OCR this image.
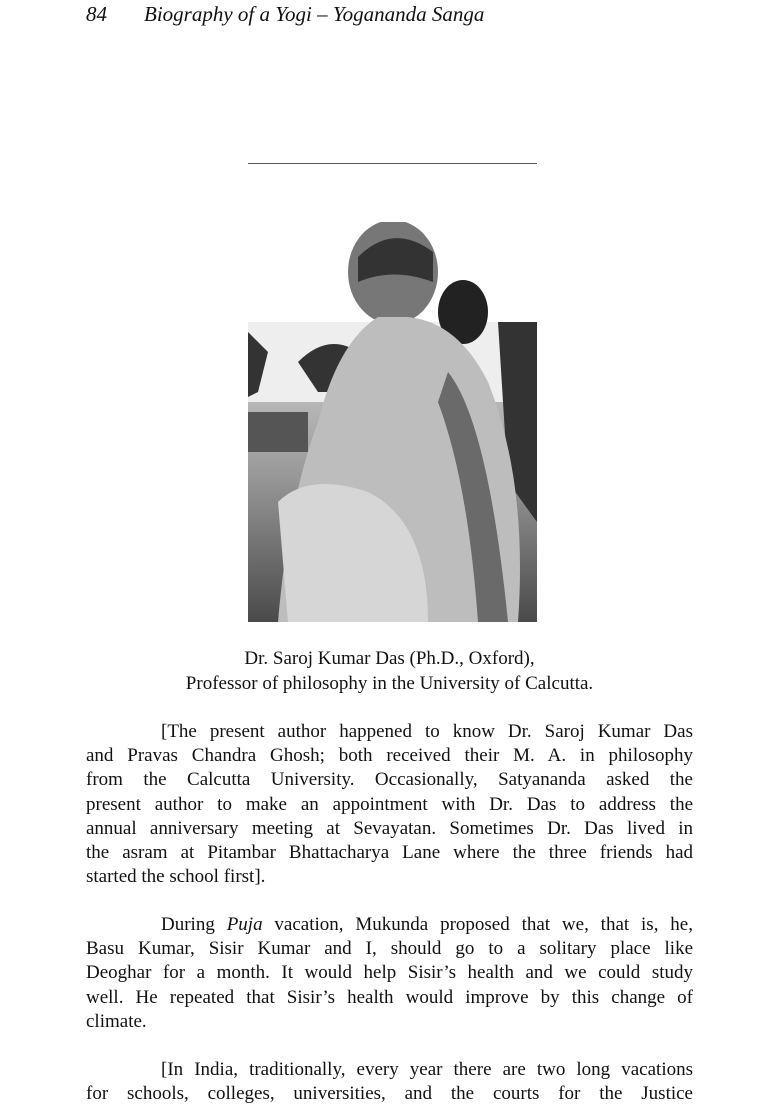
84 Biography of a Yogi – Yogananda Sanga
Dr. Saroj Kumar Das (Ph.D., Oxford),
Professor of philosophy in the University of Calcutta.
[The present author happened to know Dr. Saroj Kumar Das
and Pravas Chandra Ghosh; both received their M. A. in philosophy
from the Calcutta University. Occasionally, Satyananda asked the
present author to make an appointment with Dr. Das to address the
annual anniversary meeting at Sevayatan. Sometimes Dr. Das lived in
the asram at Pitambar Bhattacharya Lane where the three friends had
started the school first].
During Puja vacation, Mukunda proposed that we, that is, he,
Basu Kumar, Sisir Kumar and I, should go to a solitary place like
Deoghar for a month. It would help Sisir’s health and we could study
well. He repeated that Sisir’s health would improve by this change of
climate.
[In India, traditionally, every year there are two long vacations
for schools, colleges, universities, and the courts for the Justice
